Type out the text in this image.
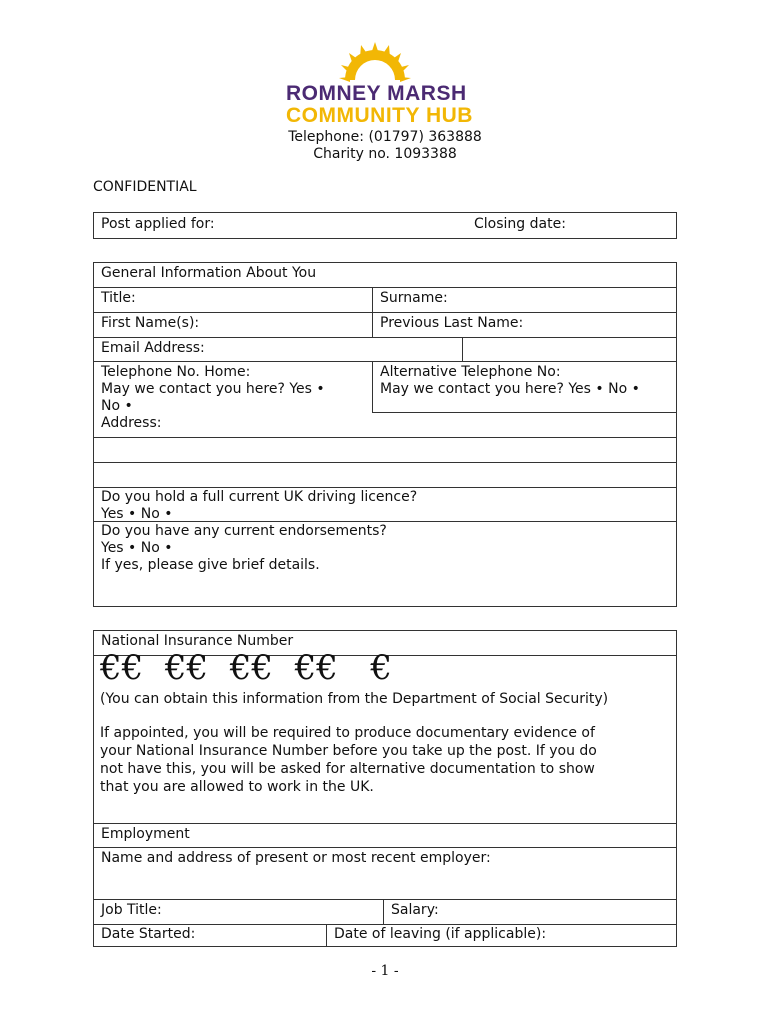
ROMNEY MARSH
COMMUNITY HUB
Telephone: (01797) 363888
Charity no. 1093388
CONFIDENTIAL
Post applied for:	Closing date:
General Information About You
Title:	Surname:
First Name(s):	Previous Last Name:
Email Address:
Telephone No. Home:
May we contact you here? Yes •
No •
Alternative Telephone No:
May we contact you here? Yes • No •
Address:
Do you hold a full current UK driving licence?
Yes • No •
Do you have any current endorsements?
Yes • No •
If yes, please give brief details.
National Insurance Number
Employment
Name and address of present or most recent employer:
Job Title:	Salary:
Date Started:	Date of leaving (if applicable):
€€  €€  €€  €€   €
(You can obtain this information from the Department of Social Security)
If appointed, you will be required to produce documentary evidence of
your National Insurance Number before you take up the post. If you do
not have this, you will be asked for alternative documentation to show
that you are allowed to work in the UK.
- 1 -
